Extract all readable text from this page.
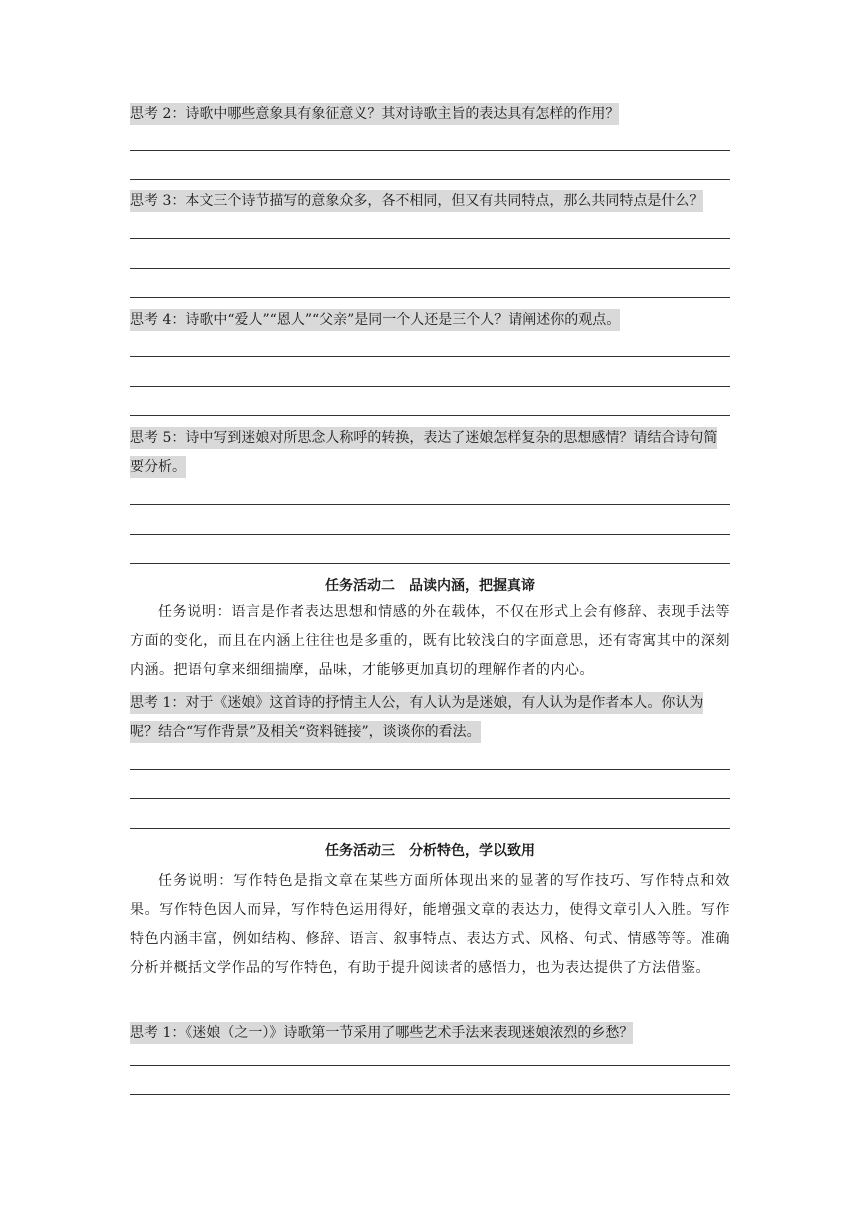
思考 2：诗歌中哪些意象具有象征意义？其对诗歌主旨的表达具有怎样的作用？
思考 3：本文三个诗节描写的意象众多，各不相同，但又有共同特点，那么共同特点是什么？
思考 4：诗歌中“爱人”“恩人”“父亲”是同一个人还是三个人？请阐述你的观点。
思考 5：诗中写到迷娘对所思念人称呼的转换，表达了迷娘怎样复杂的思想感情？请结合诗句简要分析。
任务活动二　品读内涵，把握真谛
任务说明：语言是作者表达思想和情感的外在载体，不仅在形式上会有修辞、表现手法等方面的变化，而且在内涵上往往也是多重的，既有比较浅白的字面意思，还有寄寓其中的深刻内涵。把语句拿来细细揣摩，品味，才能够更加真切的理解作者的内心。
思考 1：对于《迷娘》这首诗的抒情主人公，有人认为是迷娘，有人认为是作者本人。你认为呢？结合“写作背景”及相关“资料链接”，谈谈你的看法。
任务活动三　分析特色，学以致用
任务说明：写作特色是指文章在某些方面所体现出来的显著的写作技巧、写作特点和效果。写作特色因人而异，写作特色运用得好，能增强文章的表达力，使得文章引人入胜。写作特色内涵丰富，例如结构、修辞、语言、叙事特点、表达方式、风格、句式、情感等等。准确分析并概括文学作品的写作特色，有助于提升阅读者的感悟力，也为表达提供了方法借鉴。
思考 1：《迷娘（之一）》诗歌第一节采用了哪些艺术手法来表现迷娘浓烈的乡愁？
